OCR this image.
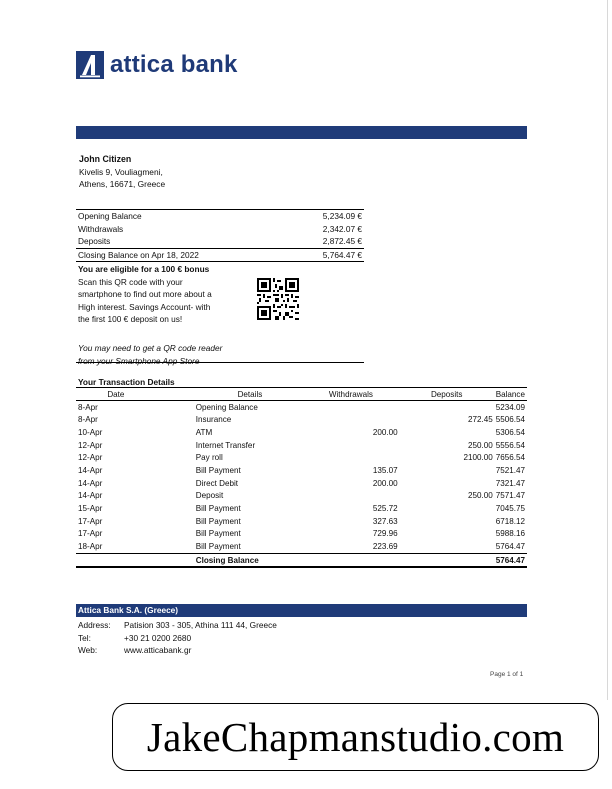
attica bank
John Citizen
Kivelis 9, Vouliagmeni,
Athens, 16671, Greece
Opening Balance	5,234.09 €
Withdrawals	2,342.07 €
Deposits	2,872.45 €
Closing Balance on Apr 18, 2022	5,764.47 €
You are eligible for a 100 € bonus
Scan this QR code with your
smartphone to find out more about a
High interest. Savings Account- with
the first 100 € deposit on us!
You may need to get a QR code reader
from your Smartphone App Store
Your Transaction Details
Date	Details	Withdrawals	Deposits	Balance
8-Apr	Opening Balance			5234.09
8-Apr	Insurance		272.45	5506.54
10-Apr	ATM	200.00		5306.54
12-Apr	Internet Transfer		250.00	5556.54
12-Apr	Pay roll		2100.00	7656.54
14-Apr	Bill Payment	135.07		7521.47
14-Apr	Direct Debit	200.00		7321.47
14-Apr	Deposit		250.00	7571.47
15-Apr	Bill Payment	525.72		7045.75
17-Apr	Bill Payment	327.63		6718.12
17-Apr	Bill Payment	729.96		5988.16
18-Apr	Bill Payment	223.69		5764.47
	Closing Balance			5764.47
Attica Bank S.A. (Greece)
Address:	Patision 303 - 305, Athina 111 44, Greece
Tel:	+30 21 0200 2680
Web:	www.atticabank.gr
Page 1 of 1
JakeChapmanstudio.com
